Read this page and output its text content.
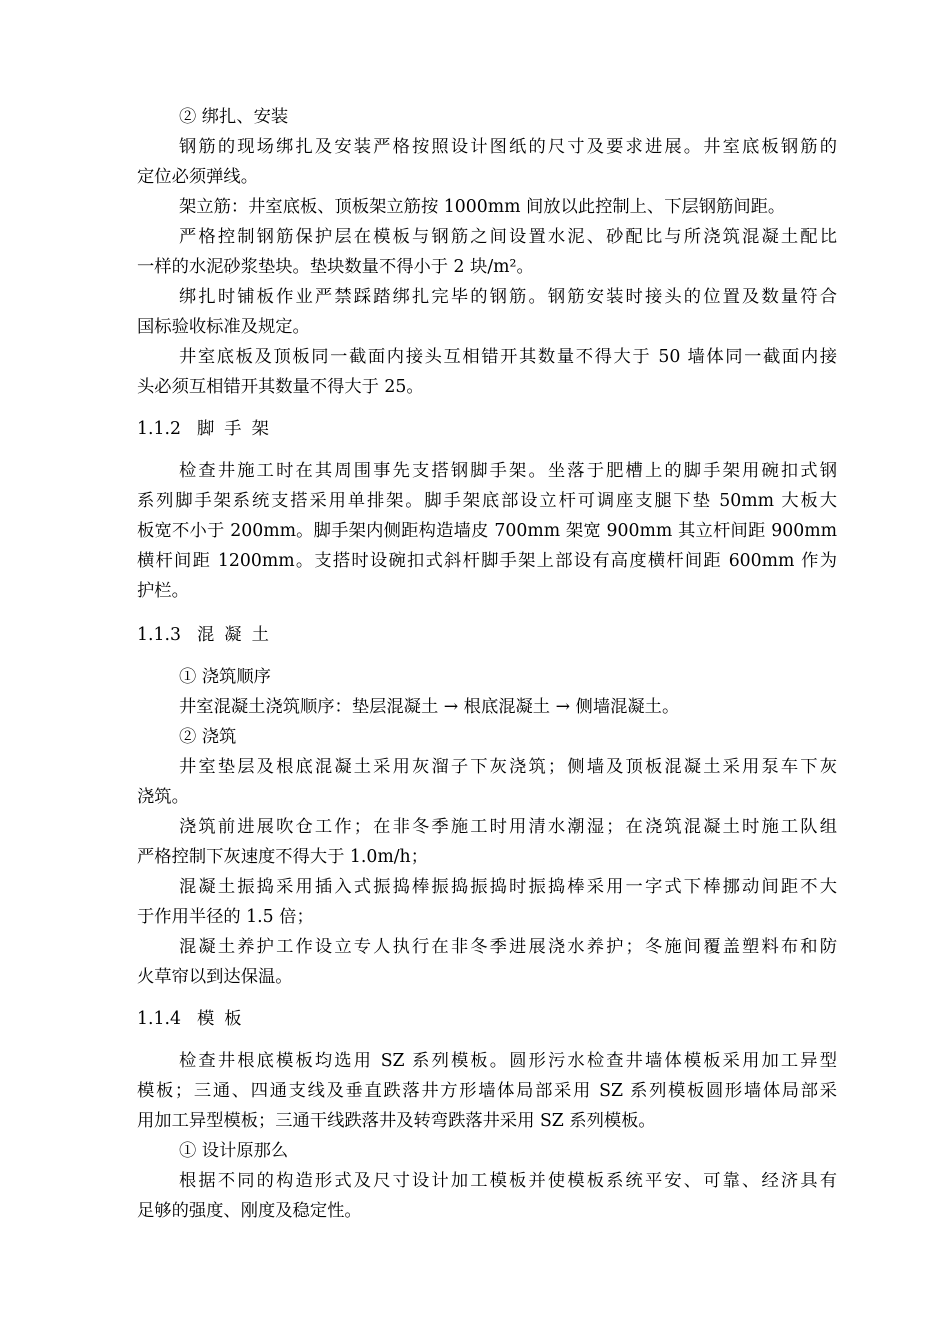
② 绑扎、安装
钢筋的现场绑扎及安装严格按照设计图纸的尺寸及要求进展。井室底板钢筋的
定位必须弹线。
架立筋：井室底板、顶板架立筋按 1000mm 间放以此控制上、下层钢筋间距。
严格控制钢筋保护层在模板与钢筋之间设置水泥、砂配比与所浇筑混凝土配比
一样的水泥砂浆垫块。垫块数量不得小于 2 块/m²。
绑扎时铺板作业严禁踩踏绑扎完毕的钢筋。钢筋安装时接头的位置及数量符合
国标验收标准及规定。
井室底板及顶板同一截面内接头互相错开其数量不得大于 50 墙体同一截面内接
头必须互相错开其数量不得大于 25。
1.1.2 脚手架
检查井施工时在其周围事先支搭钢脚手架。坐落于肥槽上的脚手架用碗扣式钢
系列脚手架系统支搭采用单排架。脚手架底部设立杆可调座支腿下垫 50mm 大板大
板宽不小于 200mm。脚手架内侧距构造墙皮 700mm 架宽 900mm 其立杆间距 900mm
横杆间距 1200mm。支搭时设碗扣式斜杆脚手架上部设有高度横杆间距 600mm 作为
护栏。
1.1.3 混凝土
① 浇筑顺序
井室混凝土浇筑顺序：垫层混凝土 → 根底混凝土 → 侧墙混凝土。
② 浇筑
井室垫层及根底混凝土采用灰溜子下灰浇筑；侧墙及顶板混凝土采用泵车下灰
浇筑。
浇筑前进展吹仓工作；在非冬季施工时用清水潮湿；在浇筑混凝土时施工队组
严格控制下灰速度不得大于 1.0m/h；
混凝土振捣采用插入式振捣棒振捣振捣时振捣棒采用一字式下棒挪动间距不大
于作用半径的 1.5 倍；
混凝土养护工作设立专人执行在非冬季进展浇水养护；冬施间覆盖塑料布和防
火草帘以到达保温。
1.1.4 模板
检查井根底模板均选用 SZ 系列模板。圆形污水检查井墙体模板采用加工异型
模板；三通、四通支线及垂直跌落井方形墙体局部采用 SZ 系列模板圆形墙体局部采
用加工异型模板；三通干线跌落井及转弯跌落井采用 SZ 系列模板。
① 设计原那么
根据不同的构造形式及尺寸设计加工模板并使模板系统平安、可靠、经济具有
足够的强度、刚度及稳定性。
